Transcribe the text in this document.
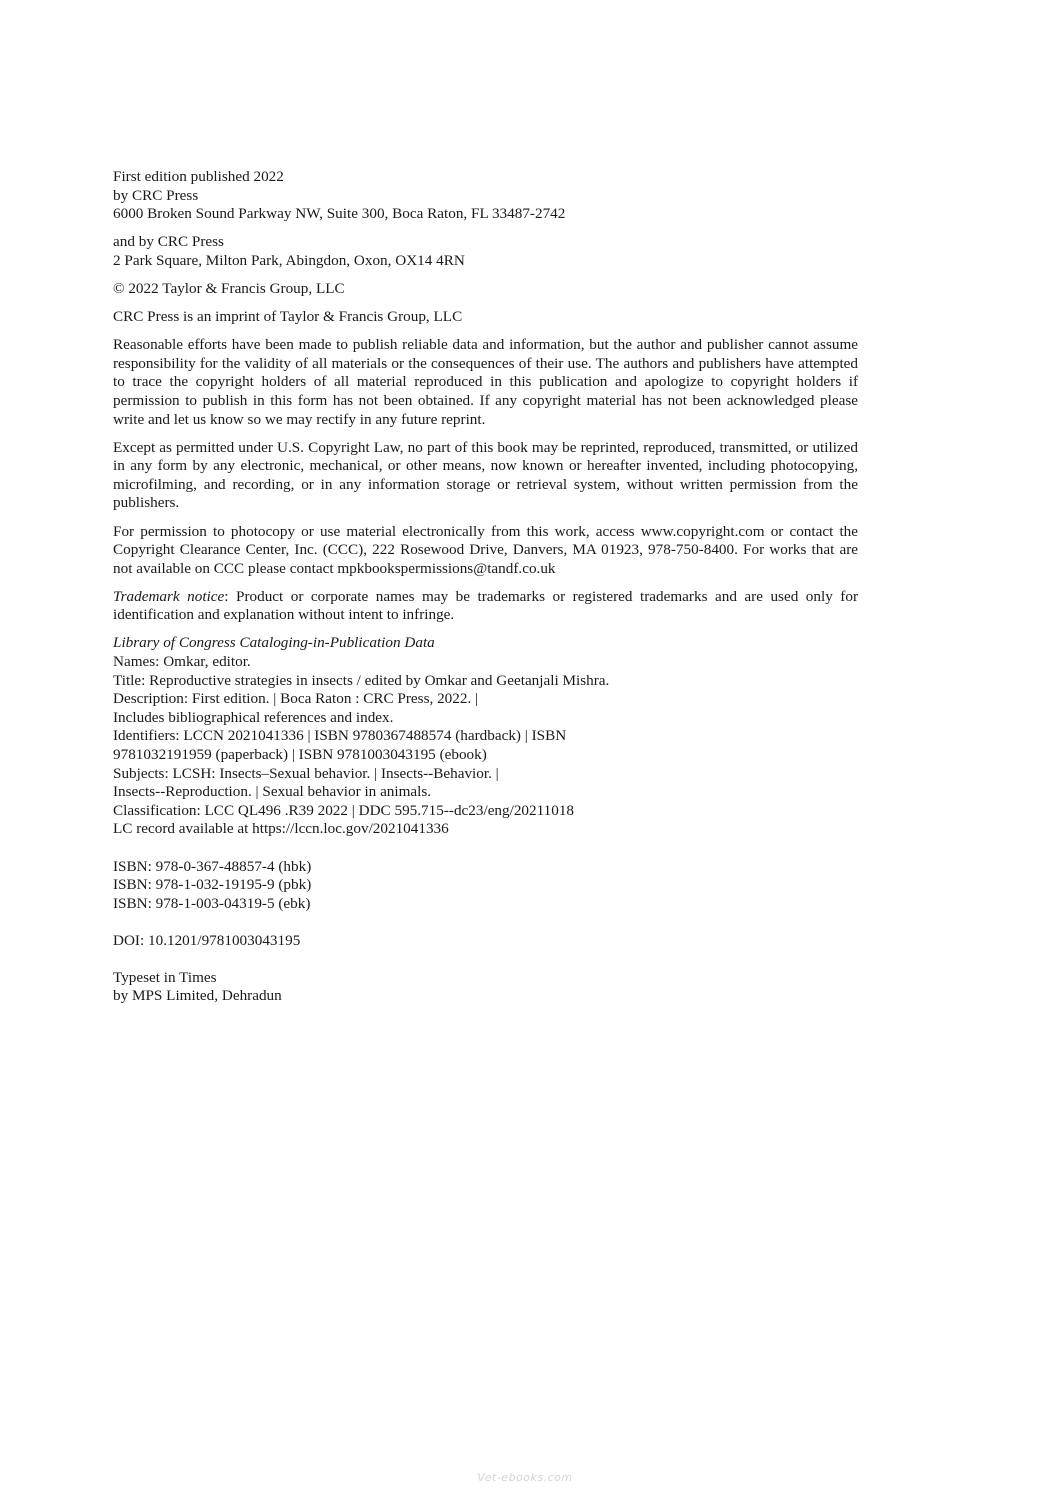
First edition published 2022
by CRC Press
6000 Broken Sound Parkway NW, Suite 300, Boca Raton, FL 33487-2742
and by CRC Press
2 Park Square, Milton Park, Abingdon, Oxon, OX14 4RN
© 2022 Taylor & Francis Group, LLC
CRC Press is an imprint of Taylor & Francis Group, LLC
Reasonable efforts have been made to publish reliable data and information, but the author and publisher cannot assume responsibility for the validity of all materials or the consequences of their use. The authors and publishers have attempted to trace the copyright holders of all material reproduced in this publication and apologize to copyright holders if permission to publish in this form has not been obtained. If any copyright material has not been acknowledged please write and let us know so we may rectify in any future reprint.
Except as permitted under U.S. Copyright Law, no part of this book may be reprinted, reproduced, transmitted, or utilized in any form by any electronic, mechanical, or other means, now known or hereafter invented, including photocopying, microfilming, and recording, or in any information storage or retrieval system, without written permission from the publishers.
For permission to photocopy or use material electronically from this work, access www.copyright.com or contact the Copyright Clearance Center, Inc. (CCC), 222 Rosewood Drive, Danvers, MA 01923, 978-750-8400. For works that are not available on CCC please contact mpkbookspermissions@tandf.co.uk
Trademark notice: Product or corporate names may be trademarks or registered trademarks and are used only for identification and explanation without intent to infringe.
Library of Congress Cataloging-in-Publication Data
Names: Omkar, editor.
Title: Reproductive strategies in insects / edited by Omkar and Geetanjali Mishra.
Description: First edition. | Boca Raton : CRC Press, 2022. |
Includes bibliographical references and index.
Identifiers: LCCN 2021041336 | ISBN 9780367488574 (hardback) | ISBN
9781032191959 (paperback) | ISBN 9781003043195 (ebook)
Subjects: LCSH: Insects–Sexual behavior. | Insects--Behavior. |
Insects--Reproduction. | Sexual behavior in animals.
Classification: LCC QL496 .R39 2022 | DDC 595.715--dc23/eng/20211018
LC record available at https://lccn.loc.gov/2021041336
ISBN: 978-0-367-48857-4 (hbk)
ISBN: 978-1-032-19195-9 (pbk)
ISBN: 978-1-003-04319-5 (ebk)
DOI: 10.1201/9781003043195
Typeset in Times
by MPS Limited, Dehradun
Vet-ebooks.com
